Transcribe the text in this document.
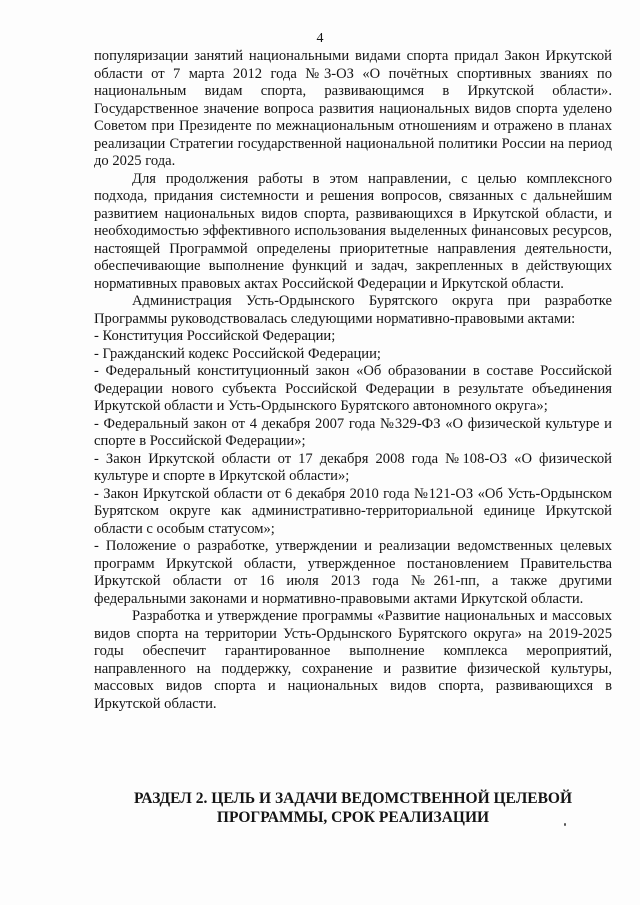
4

популяризации занятий национальными видами спорта придал Закон Иркутской области от 7 марта 2012 года №3-ОЗ «О почётных спортивных званиях по национальным видам спорта, развивающимся в Иркутской области». Государственное значение вопроса развития национальных видов спорта уделено Советом при Президенте по межнациональным отношениям и отражено в планах реализации Стратегии государственной национальной политики России на период до 2025 года.

Для продолжения работы в этом направлении, с целью комплексного подхода, придания системности и решения вопросов, связанных с дальнейшим развитием национальных видов спорта, развивающихся в Иркутской области, и необходимостью эффективного использования выделенных финансовых ресурсов, настоящей Программой определены приоритетные направления деятельности, обеспечивающие выполнение функций и задач, закрепленных в действующих нормативных правовых актах Российской Федерации и Иркутской области.

Администрация Усть-Ордынского Бурятского округа при разработке Программы руководствовалась следующими нормативно-правовыми актами:

- Конституция Российской Федерации;

- Гражданский кодекс Российской Федерации;

- Федеральный конституционный закон «Об образовании в составе Российской Федерации нового субъекта Российской Федерации в результате объединения Иркутской области и Усть-Ордынского Бурятского автономного округа»;

- Федеральный закон от 4 декабря 2007 года №329-ФЗ «О физической культуре и спорте в Российской Федерации»;

- Закон Иркутской области от 17 декабря 2008 года №108-ОЗ «О физической культуре и спорте в Иркутской области»;

- Закон Иркутской области от 6 декабря 2010 года №121-ОЗ «Об Усть-Ордынском Бурятском округе как административно-территориальной единице Иркутской области с особым статусом»;

- Положение о разработке, утверждении и реализации ведомственных целевых программ Иркутской области, утвержденное постановлением Правительства Иркутской области от 16 июля 2013 года №261-пп, а также другими федеральными законами и нормативно-правовыми актами Иркутской области.

Разработка и утверждение программы «Развитие национальных и массовых видов спорта на территории Усть-Ордынского Бурятского округа» на 2019-2025 годы обеспечит гарантированное выполнение комплекса мероприятий, направленного на поддержку, сохранение и развитие физической культуры, массовых видов спорта и национальных видов спорта, развивающихся в Иркутской области.

РАЗДЕЛ 2. ЦЕЛЬ И ЗАДАЧИ ВЕДОМСТВЕННОЙ ЦЕЛЕВОЙ
ПРОГРАММЫ, СРОК РЕАЛИЗАЦИИ
